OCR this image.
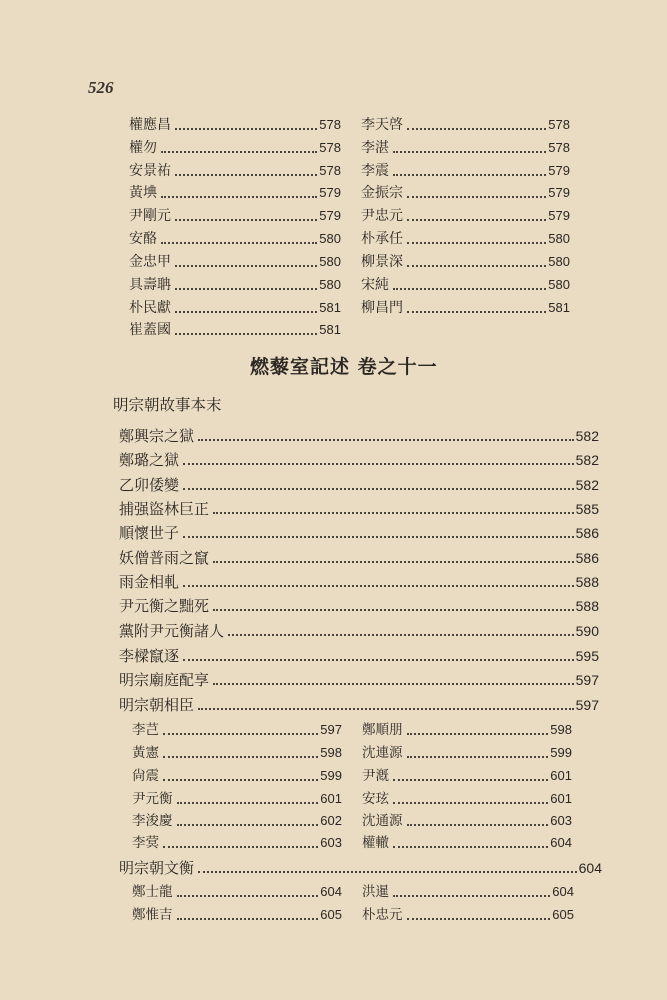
526
權應昌	578
權勿	578
安景祐	578
黃㙉	579
尹剛元	579
安酪	580
金忠甲	580
具壽聃	580
朴民獻	581
崔蓋國	581
李天啓	578
李湛	578
李震	579
金振宗	579
尹忠元	579
朴承任	580
柳景深	580
宋純	580
柳昌門	581
燃藜室記述 卷之十一
明宗朝故事本末
鄭興宗之獄	582
鄭璐之獄	582
乙卯倭變	582
捕强盜林巨正	585
順懷世子	586
妖僧普雨之竄	586
雨金相軋	588
尹元衡之黜死	588
黨附尹元衡諸人	590
李樑竄逐	595
明宗廟庭配享	597
明宗朝相臣	597
李芑	597
黃憲	598
尙震	599
尹元衡	601
李浚慶	602
李蓂	603
鄭順朋	598
沈連源	599
尹漑	601
安玹	601
沈通源	603
權轍	604
明宗朝文衡	604
鄭士龍	604
鄭惟吉	605
洪暹	604
朴忠元	605
